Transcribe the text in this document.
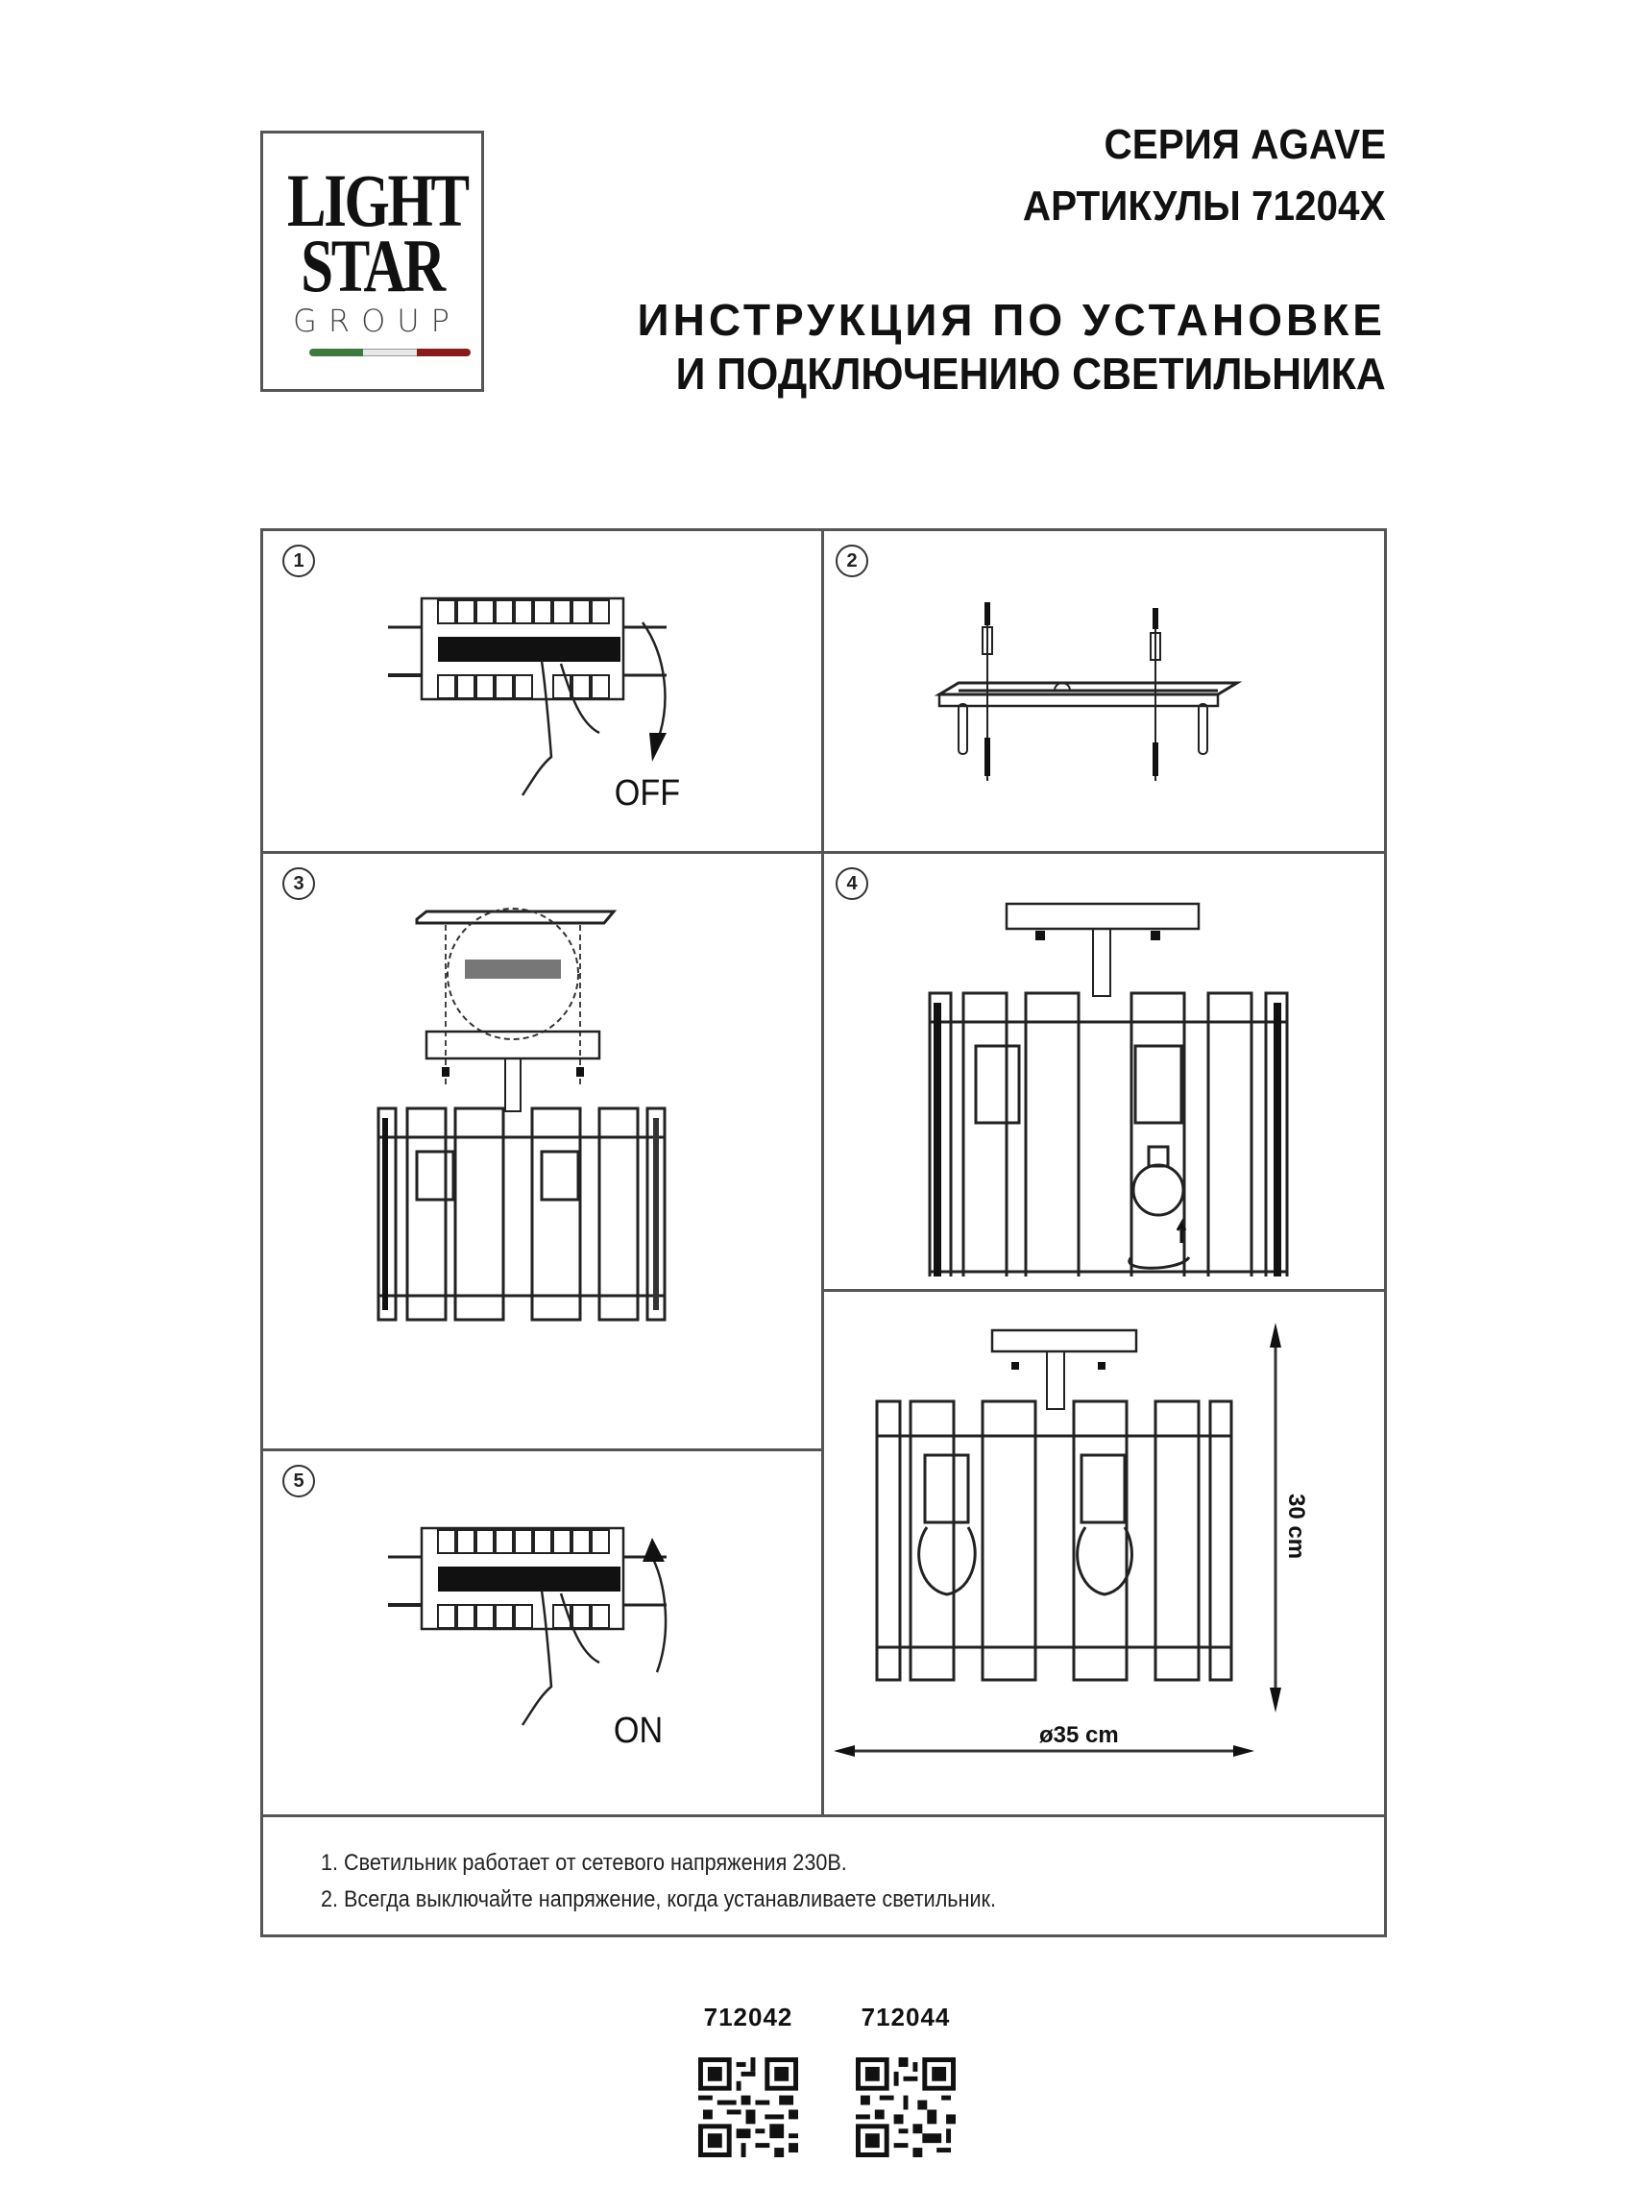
LIGHT
STAR
GROUP
СЕРИЯ AGAVE
АРТИКУЛЫ 71204X
ИНСТРУКЦИЯ ПО УСТАНОВКЕ
И ПОДКЛЮЧЕНИЮ СВЕТИЛЬНИКА
1
OFF
2
3	4
5
ON	ø35 cm
30 cm
1. Светильник работает от сетевого напряжения 230В.
2. Всегда выключайте напряжение, когда устанавливаете светильник.
712042	712044
